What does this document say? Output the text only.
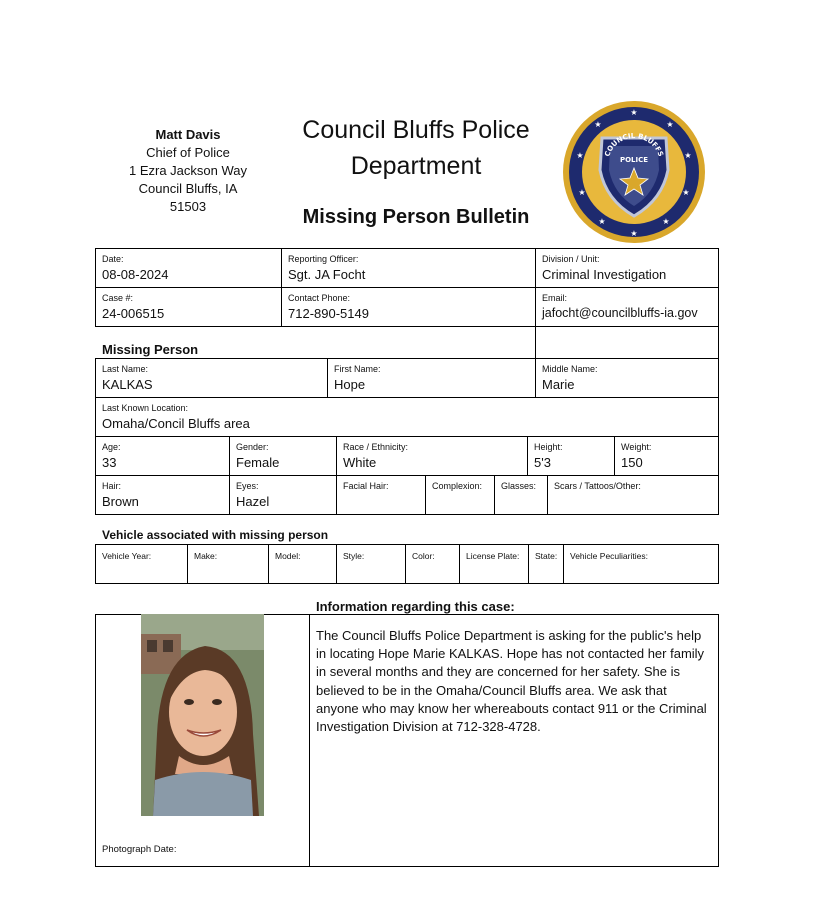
Matt Davis
Chief of Police
1 Ezra Jackson Way
Council Bluffs, IA
51503
Council Bluffs Police
Department
Missing Person Bulletin
★
★
★
★
★
★
★
★
★
★
COUNCIL BLUFFS
POLICE
Date:
08-08-2024
Reporting Officer:
Sgt. JA Focht
Division / Unit:
Criminal Investigation
Case #:
24-006515
Contact Phone:
712-890-5149
Email:
jafocht@councilbluffs-ia.gov
Missing Person
Last Name:
KALKAS
First Name:
Hope
Middle Name:
Marie
Last Known Location:
Omaha/Concil Bluffs area
Age:
33
Gender:
Female
Race / Ethnicity:
White
Height:
5'3
Weight:
150
Hair:
Brown
Eyes:
Hazel
Facial Hair:	Complexion: Glasses: Scars / Tattoos/Other:
Vehicle associated with missing person
Vehicle Year:	Make:	Model:	Style:	Color:	License Plate: State: Vehicle Peculiarities:
Information regarding this case:
Photograph Date:
The Council Bluffs Police Department is asking for the public's help in locating Hope Marie KALKAS. Hope has not contacted her family in several months and they are concerned for her safety. She is believed to be in the Omaha/Council Bluffs area. We ask that anyone who may know her whereabouts contact 911 or the Criminal Investigation Division at 712-328-4728.
